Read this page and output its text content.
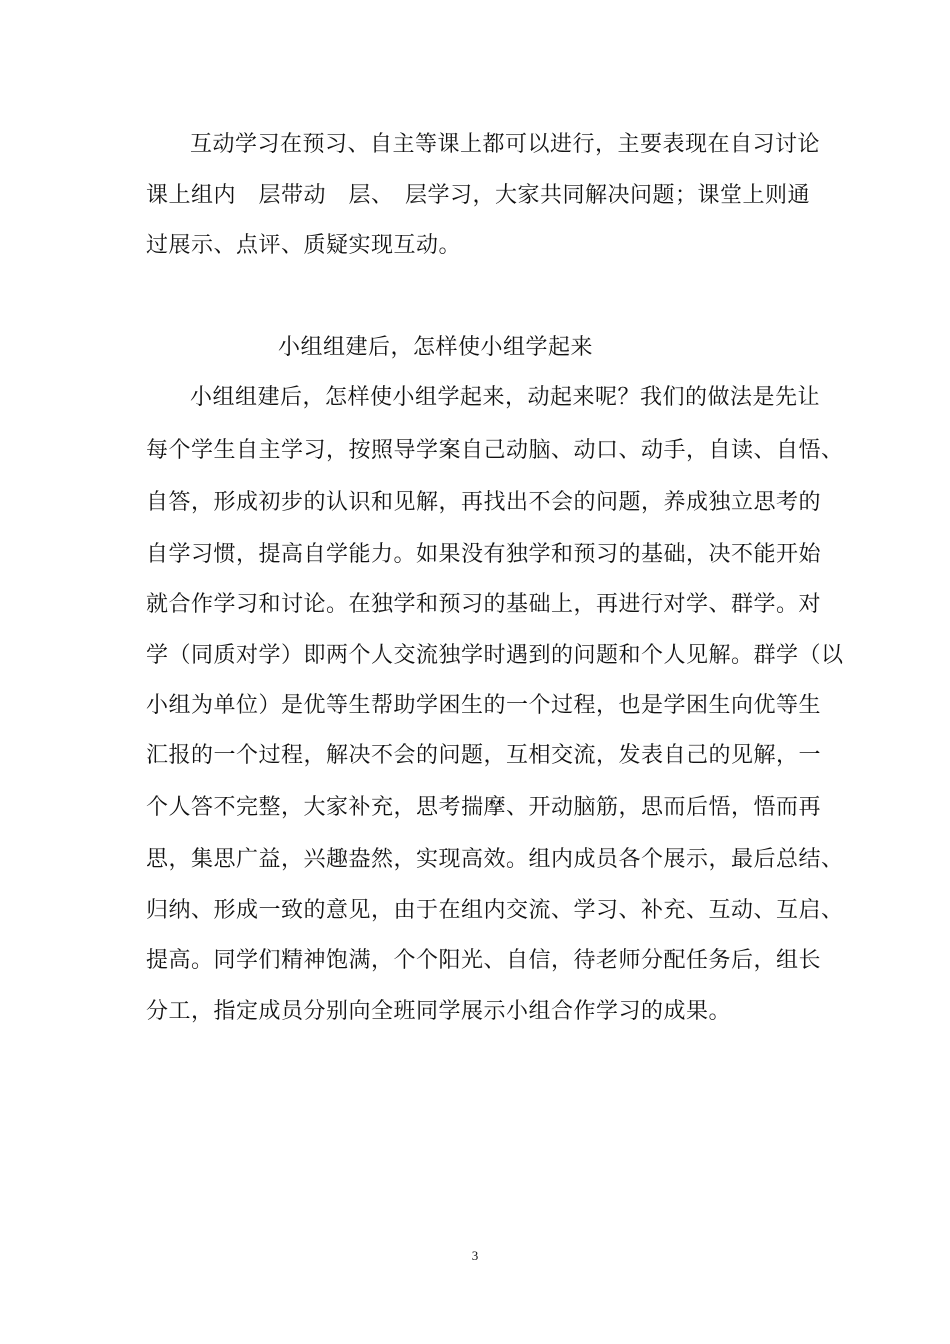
互动学习在预习、自主等课上都可以进行，主要表现在自习讨论
课上组内　层带动　层、　层学习，大家共同解决问题；课堂上则通
过展示、点评、质疑实现互动。
小组组建后，怎样使小组学起来
小组组建后，怎样使小组学起来，动起来呢？我们的做法是先让
每个学生自主学习，按照导学案自己动脑、动口、动手，自读、自悟、
自答，形成初步的认识和见解，再找出不会的问题，养成独立思考的
自学习惯，提高自学能力。如果没有独学和预习的基础，决不能开始
就合作学习和讨论。在独学和预习的基础上，再进行对学、群学。对
学（同质对学）即两个人交流独学时遇到的问题和个人见解。群学（以
小组为单位）是优等生帮助学困生的一个过程，也是学困生向优等生
汇报的一个过程，解决不会的问题，互相交流，发表自己的见解，一
个人答不完整，大家补充，思考揣摩、开动脑筋，思而后悟，悟而再
思，集思广益，兴趣盎然，实现高效。组内成员各个展示，最后总结、
归纳、形成一致的意见，由于在组内交流、学习、补充、互动、互启、
提高。同学们精神饱满，个个阳光、自信，待老师分配任务后，组长
分工，指定成员分别向全班同学展示小组合作学习的成果。
3
